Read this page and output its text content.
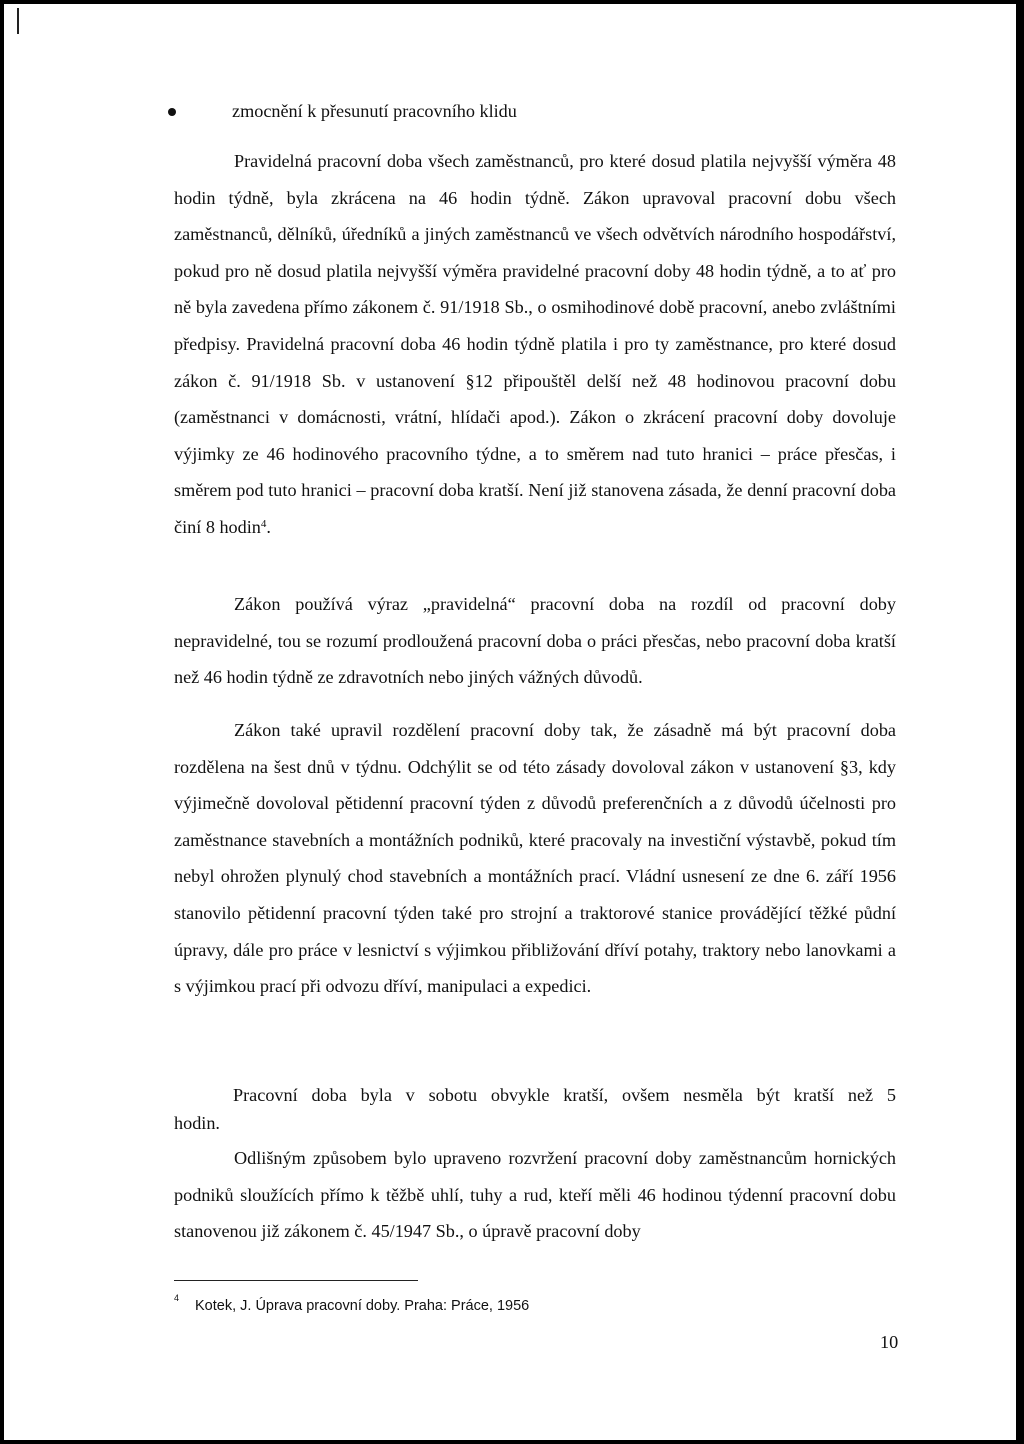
zmocnění k přesunutí pracovního klidu

Pravidelná pracovní doba všech zaměstnanců, pro které dosud platila nejvyšší výměra 48 hodin týdně, byla zkrácena na 46 hodin týdně. Zákon upravoval pracovní dobu všech zaměstnanců, dělníků, úředníků a jiných zaměstnanců ve všech odvětvích národního hospodářství, pokud pro ně dosud platila nejvyšší výměra pravidelné pracovní doby 48 hodin týdně, a to ať pro ně byla zavedena přímo zákonem č. 91/1918 Sb., o osmihodinové době pracovní, anebo zvláštními předpisy. Pravidelná pracovní doba 46 hodin týdně platila i pro ty zaměstnance, pro které dosud zákon č. 91/1918 Sb. v ustanovení §12 připouštěl delší než 48 hodinovou pracovní dobu (zaměstnanci v domácnosti, vrátní, hlídači apod.). Zákon o zkrácení pracovní doby dovoluje výjimky ze 46 hodinového pracovního týdne, a to směrem nad tuto hranici – práce přesčas, i směrem pod tuto hranici – pracovní doba kratší. Není již stanovena zásada, že denní pracovní doba činí 8 hodin$^4$.

Zákon používá výraz „pravidelná“ pracovní doba na rozdíl od pracovní doby nepravidelné, tou se rozumí prodloužená pracovní doba o práci přesčas, nebo pracovní doba kratší než 46 hodin týdně ze zdravotních nebo jiných vážných důvodů.

Zákon také upravil rozdělení pracovní doby tak, že zásadně má být pracovní doba rozdělena na šest dnů v týdnu. Odchýlit se od této zásady dovoloval zákon v ustanovení §3, kdy výjimečně dovoloval pětidenní pracovní týden z důvodů preferenčních a z důvodů účelnosti pro zaměstnance stavebních a montážních podniků, které pracovaly na investiční výstavbě, pokud tím nebyl ohrožen plynulý chod stavebních a montážních prací. Vládní usnesení ze dne 6. září 1956 stanovilo pětidenní pracovní týden také pro strojní a traktorové stanice provádějící těžké půdní úpravy, dále pro práce v lesnictví s výjimkou přibližování dříví potahy, traktory nebo lanovkami a s výjimkou prací při odvozu dříví, manipulaci a expedici.

Pracovní doba byla v sobotu obvykle kratší, ovšem nesměla být kratší než 5
hodin.

Odlišným způsobem bylo upraveno rozvržení pracovní doby zaměstnancům hornických podniků sloužících přímo k těžbě uhlí, tuhy a rud, kteří měli 46 hodinou týdenní pracovní dobu stanovenou již zákonem č. 45/1947 Sb., o úpravě pracovní doby

$^4$ Kotek, J. Úprava pracovní doby. Praha: Práce, 1956
10
